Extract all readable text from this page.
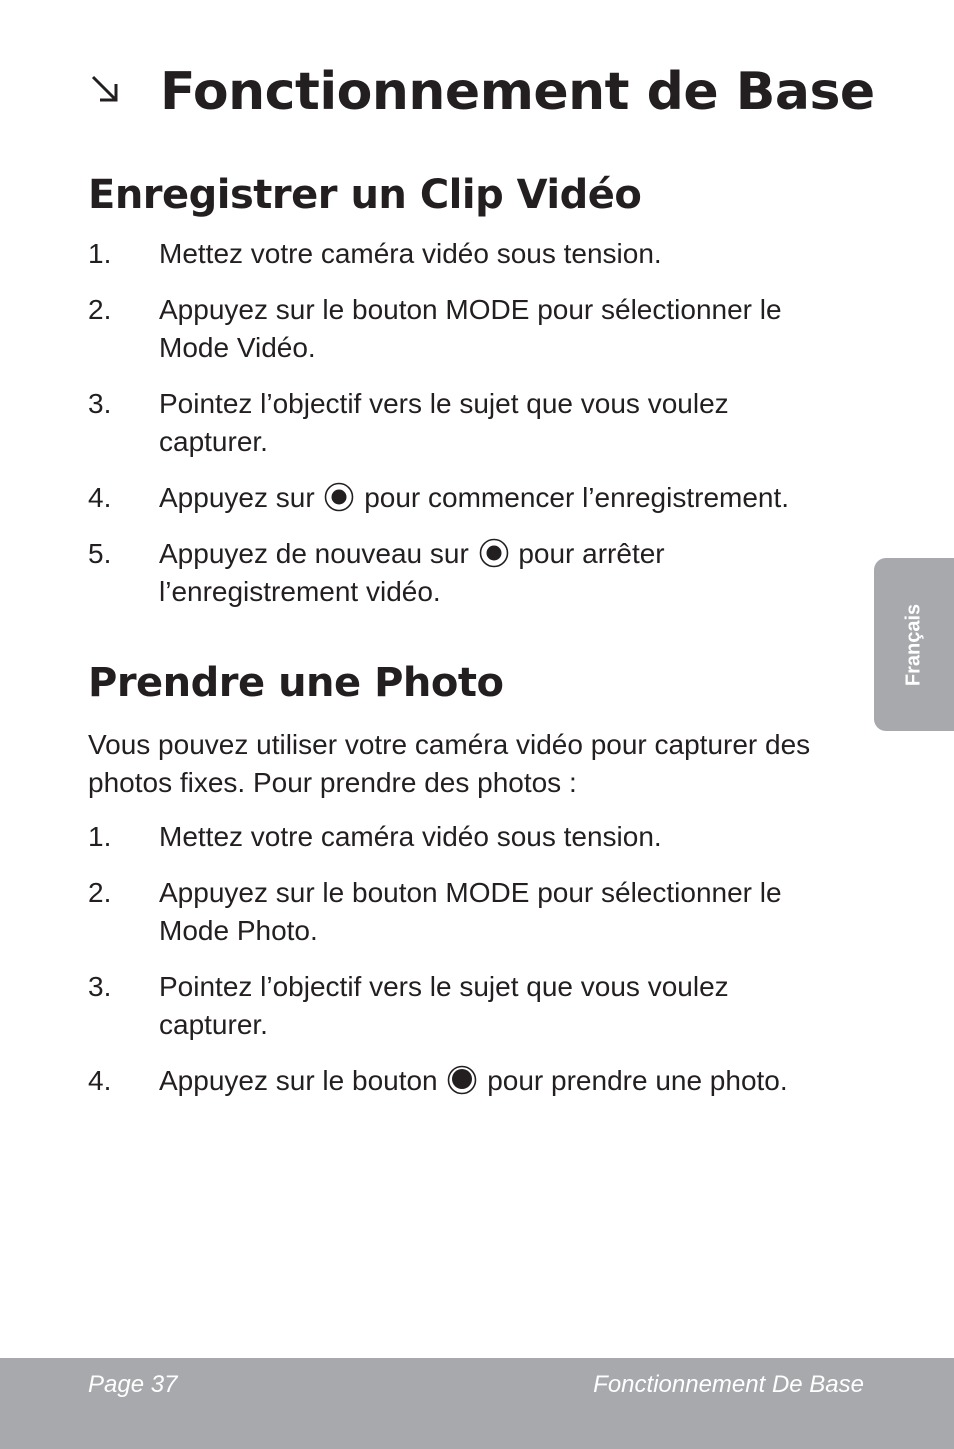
Fonctionnement de Base
Enregistrer un Clip Vidéo
1.	Mettez votre caméra vidéo sous tension.
2.	Appuyez sur le bouton MODE pour sélectionner le Mode Vidéo.
3.	Pointez l’objectif vers le sujet que vous voulez capturer.
4.	Appuyez sur pour commencer l’enregistrement.
5.	Appuyez de nouveau sur pour arrêter l’enregistrement vidéo.
Prendre une Photo

Vous pouvez utiliser votre caméra vidéo pour capturer des photos fixes. Pour prendre des photos :

1.	Mettez votre caméra vidéo sous tension.
2.	Appuyez sur le bouton MODE pour sélectionner le Mode Photo.
3.	Pointez l’objectif vers le sujet que vous voulez capturer.
4.	Appuyez sur le bouton pour prendre une photo.
Français
Page 37	Fonctionnement De Base
